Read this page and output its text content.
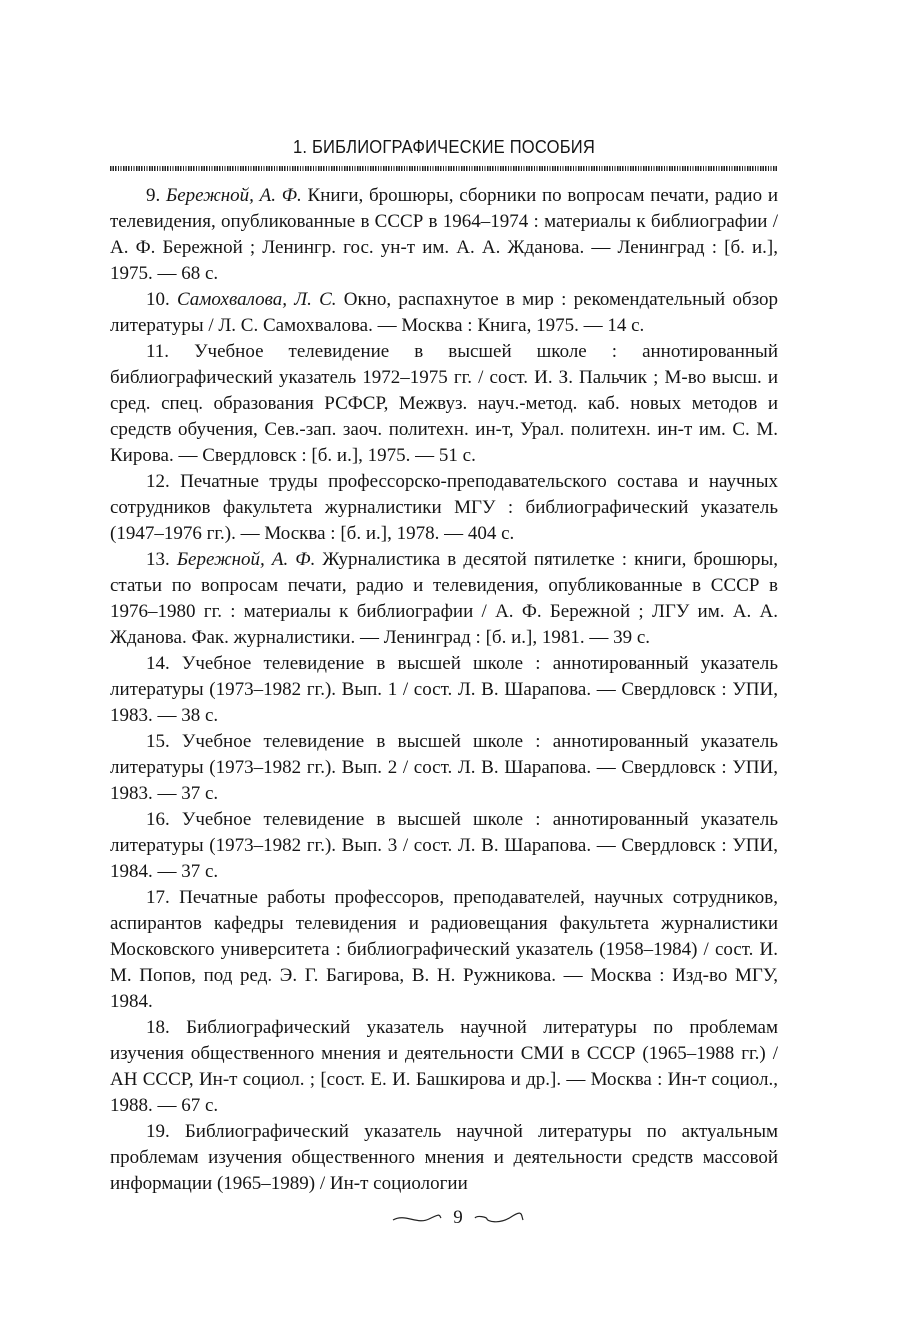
1. БИБЛИОГРАФИЧЕСКИЕ ПОСОБИЯ

9. Бережной, А. Ф. Книги, брошюры, сборники по вопросам печати, радио и телевидения, опубликованные в СССР в 1964–1974 : материалы к библиографии / А. Ф. Бережной ; Ленингр. гос. ун-т им. А. А. Жданова. — Ленинград : [б. и.], 1975. — 68 с.

10. Самохвалова, Л. С. Окно, распахнутое в мир : рекомендательный обзор литературы / Л. С. Самохвалова. — Москва : Книга, 1975. — 14 с.

11. Учебное телевидение в высшей школе : аннотированный библиографический указатель 1972–1975 гг. / сост. И. З. Пальчик ; М-во высш. и сред. спец. образования РСФСР, Межвуз. науч.-метод. каб. новых методов и средств обучения, Сев.-зап. заоч. политехн. ин-т, Урал. политехн. ин-т им. С. М. Кирова. — Свердловск : [б. и.], 1975. — 51 с.

12. Печатные труды профессорско-преподавательского состава и научных сотрудников факультета журналистики МГУ : библиографический указатель (1947–1976 гг.). — Москва : [б. и.], 1978. — 404 с.

13. Бережной, А. Ф. Журналистика в десятой пятилетке : книги, брошюры, статьи по вопросам печати, радио и телевидения, опубликованные в СССР в 1976–1980 гг. : материалы к библиографии / А. Ф. Бережной ; ЛГУ им. А. А. Жданова. Фак. журналистики. — Ленинград : [б. и.], 1981. — 39 с.

14. Учебное телевидение в высшей школе : аннотированный указатель литературы (1973–1982 гг.). Вып. 1 / сост. Л. В. Шарапова. — Свердловск : УПИ, 1983. — 38 с.

15. Учебное телевидение в высшей школе : аннотированный указатель литературы (1973–1982 гг.). Вып. 2 / сост. Л. В. Шарапова. — Свердловск : УПИ, 1983. — 37 с.

16. Учебное телевидение в высшей школе : аннотированный указатель литературы (1973–1982 гг.). Вып. 3 / сост. Л. В. Шарапова. — Свердловск : УПИ, 1984. — 37 с.

17. Печатные работы профессоров, преподавателей, научных сотрудников, аспирантов кафедры телевидения и радиовещания факультета журналистики Московского университета : библиографический указатель (1958–1984) / сост. И. М. Попов, под ред. Э. Г. Багирова, В. Н. Ружникова. — Москва : Изд-во МГУ, 1984.

18. Библиографический указатель научной литературы по проблемам изучения общественного мнения и деятельности СМИ в СССР (1965–1988 гг.) / АН СССР, Ин-т социол. ; [сост. Е. И. Башкирова и др.]. — Москва : Ин-т социол., 1988. — 67 с.

19. Библиографический указатель научной литературы по актуальным проблемам изучения общественного мнения и деятельности средств массовой информации (1965–1989) / Ин-т социологии

9
